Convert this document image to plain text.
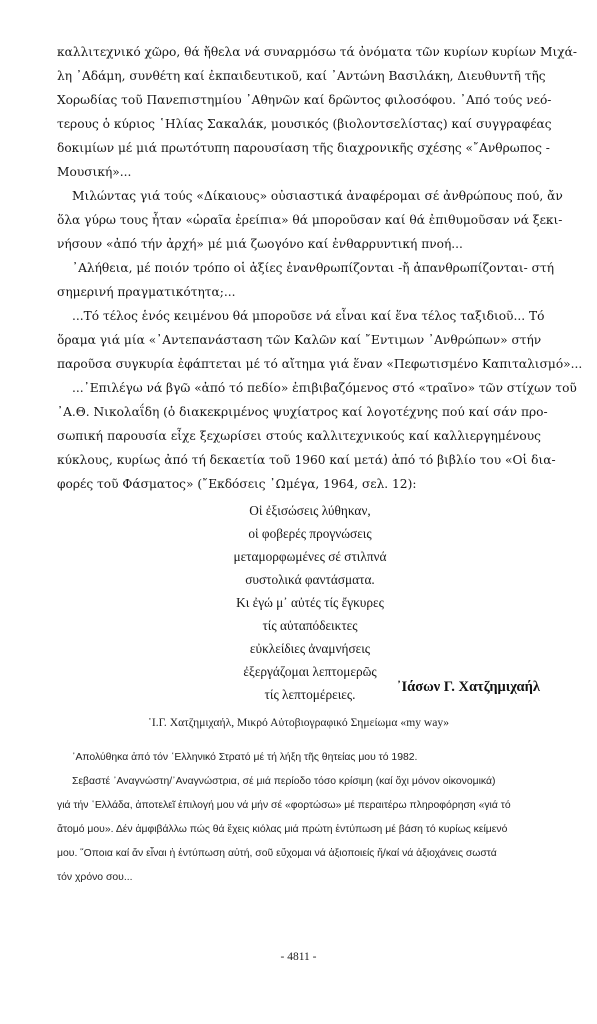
καλλιτεχνικό χῶρο, θά ἤθελα νά συναρμόσω τά ὀνόματα τῶν κυρίων κυρίων Μιχά-
λη ᾽Αδάμη, συνθέτη καί ἐκπαιδευτικοῦ, καί ᾽Αντώνη Βασιλάκη, Διευθυντῆ τῆς
Χορωδίας τοῦ Πανεπιστημίου ᾽Αθηνῶν καί δρῶντος φιλοσόφου. ᾽Από τούς νεό-
τερους ὁ κύριος ῾Ηλίας Σακαλάκ, μουσικός (βιολοντσελίστας) καί συγγραφέας
δοκιμίων μέ μιά πρωτότυπη παρουσίαση τῆς διαχρονικῆς σχέσης «῎Ανθρωπος -
Μουσική»...
Μιλώντας γιά τούς «Δίκαιους» οὐσιαστικά ἀναφέρομαι σέ ἀνθρώπους πού, ἄν
ὅλα γύρω τους ἦταν «ὡραῖα ἐρείπια» θά μποροῦσαν καί θά ἐπιθυμοῦσαν νά ξεκι-
νήσουν «ἀπό τήν ἀρχή» μέ μιά ζωογόνο καί ἐνθαρρυντική πνοή...
᾽Αλήθεια, μέ ποιόν τρόπο οἱ ἀξίες ἐνανθρωπίζονται -ἤ ἀπανθρωπίζονται- στή
σημερινή πραγματικότητα;...
...Τό τέλος ἑνός κειμένου θά μποροῦσε νά εἶναι καί ἕνα τέλος ταξιδιοῦ... Τό
ὅραμα γιά μία «᾽Αντεπανάσταση τῶν Καλῶν καί ῎Εντιμων ᾽Ανθρώπων» στήν
παροῦσα συγκυρία ἐφάπτεται μέ τό αἴτημα γιά ἕναν «Πεφωτισμένο Καπιταλισμό»...
...᾽Επιλέγω νά βγῶ «ἀπό τό πεδίο» ἐπιβιβαζόμενος στό «τραῖνο» τῶν στίχων τοῦ
᾽Α.Θ. Νικολαΐδη (ὁ διακεκριμένος ψυχίατρος καί λογοτέχνης πού καί σάν προ-
σωπική παρουσία εἶχε ξεχωρίσει στούς καλλιτεχνικούς καί καλλιεργημένους
κύκλους, κυρίως ἀπό τή δεκαετία τοῦ 1960 καί μετά) ἀπό τό βιβλίο του «Οἱ δια-
φορές τοῦ Φάσματος» (῎Εκδόσεις ᾽Ωμέγα, 1964, σελ. 12):
Οἱ ἐξισώσεις λύθηκαν,
οἱ φοβερές προγνώσεις
μεταμορφωμένες σέ στιλπνά
συστολικά φαντάσματα.
Κι ἐγώ μ᾽ αὐτές τίς ἔγκυρες
τίς αὐταπόδεικτες
εὐκλείδιες ἀναμνήσεις
ἐξεργάζομαι λεπτομερῶς
τίς λεπτομέρειες.	᾽Ιάσων Γ. Χατζημιχαήλ
῾Ι.Γ. Χατζημιχαήλ, Μικρό Αὐτοβιογραφικό Σημείωμα «my way»
᾽Απολύθηκα ἀπό τόν ῾Ελληνικό Στρατό μέ τή λήξη τῆς θητείας μου τό 1982.
Σεβαστέ ᾽Αναγνώστη/᾽Αναγνώστρια, σέ μιά περίοδο τόσο κρίσιμη (καί ὄχι μόνον οἰκονομικά)
γιά τήν ῾Ελλάδα, ἀποτελεῖ ἐπιλογή μου νά μήν σέ «φορτώσω» μέ περαιτέρω πληροφόρηση «γιά τό
ἄτομό μου». Δέν ἀμφιβάλλω πώς θά ἔχεις κιόλας μιά πρώτη ἐντύπωση μέ βάση τό κυρίως κείμενό
μου. ῞Οποια καί ἄν εἶναι ἡ ἐντύπωση αὐτή, σοῦ εὔχομαι νά ἀξιοποιείς ἤ/καί νά ἀξιοχάνεις σωστά
τόν χρόνο σου...
- 4811 -
